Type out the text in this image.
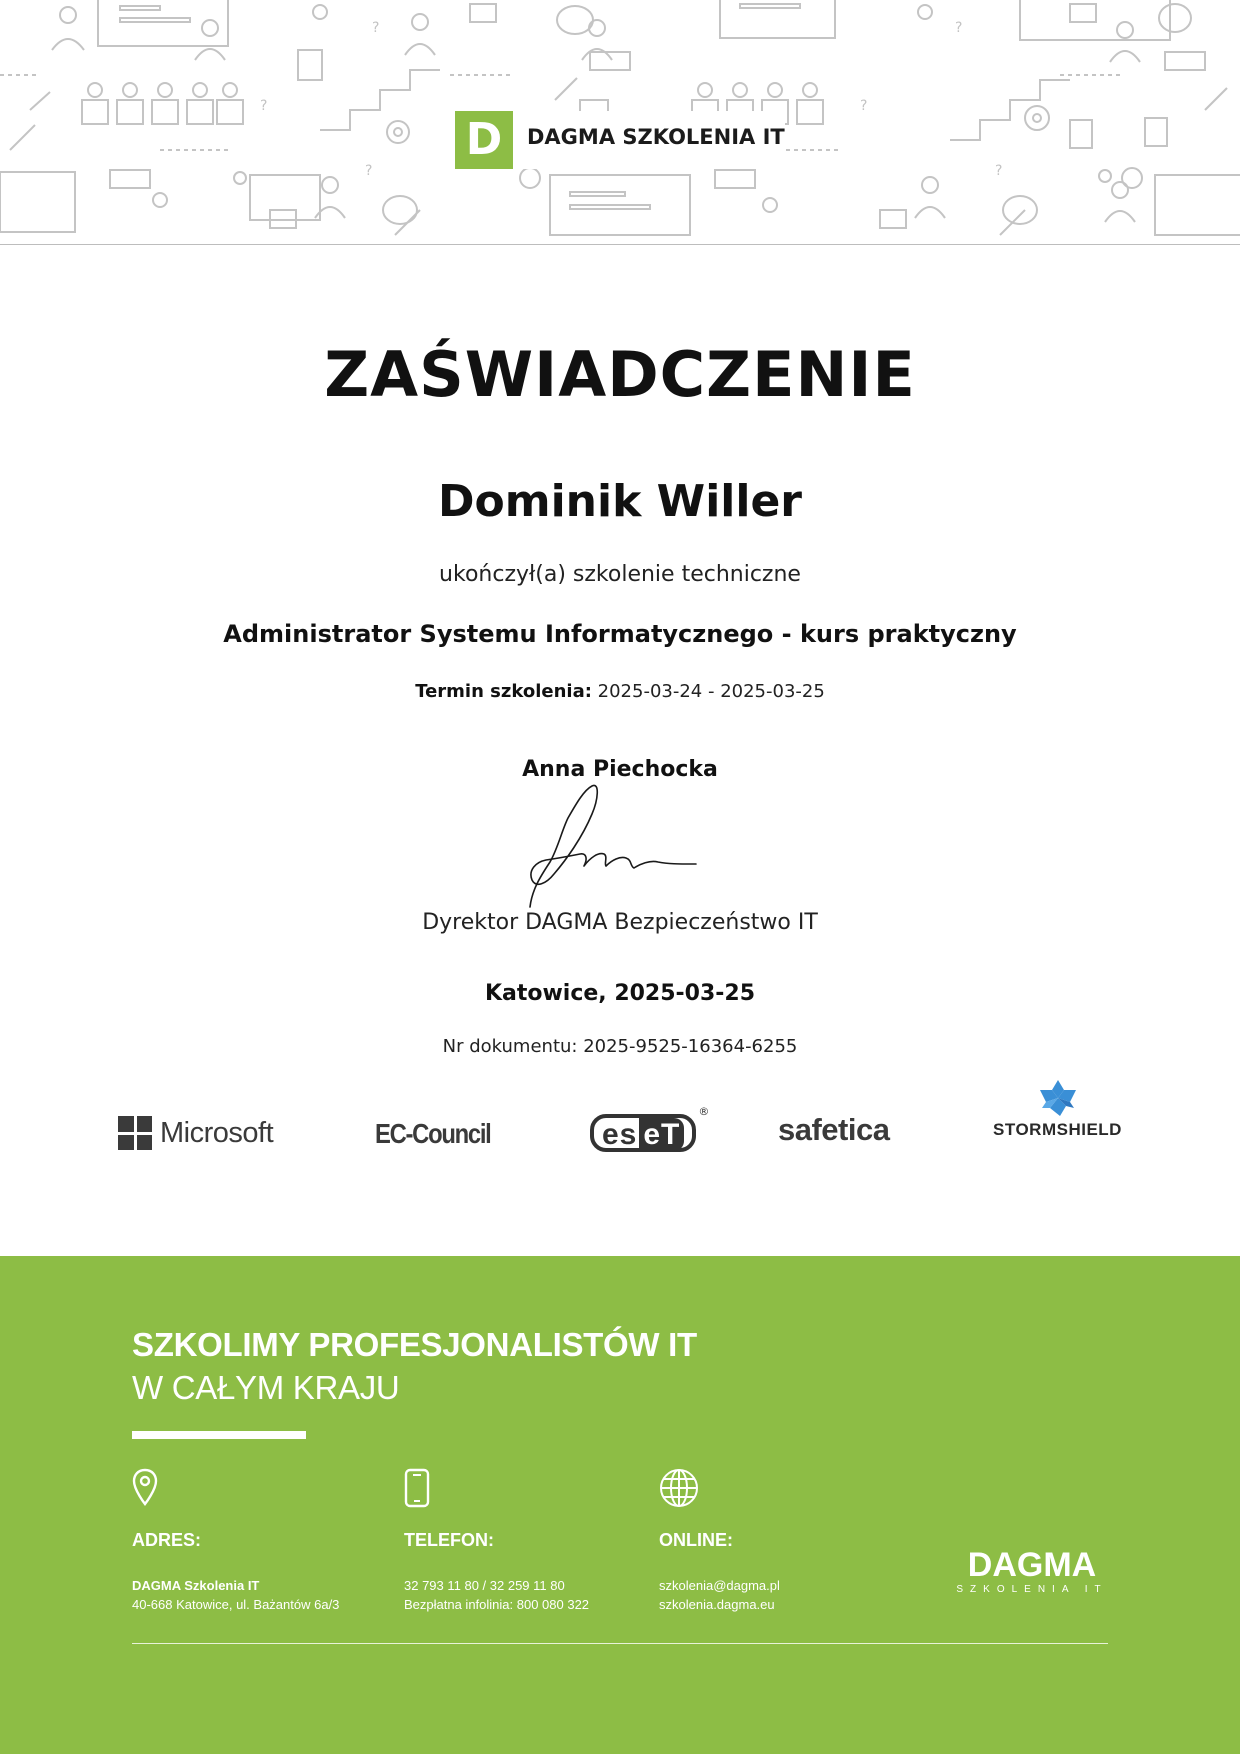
?	?
?	?
?	?
D	DAGMA SZKOLENIA IT
ZAŚWIADCZENIE
Dominik Willer
ukończył(a) szkolenie techniczne
Administrator Systemu Informatycznego - kurs praktyczny
Termin szkolenia: 2025-03-24 - 2025-03-25
Anna Piechocka
Dyrektor DAGMA Bezpieczeństwo IT
Katowice, 2025-03-25
Nr dokumentu: 2025-9525-16364-6255
Microsoft	EC-Council	es eT
®
safetica	STORMSHIELD
SZKOLIMY PROFESJONALISTÓW IT
W CAŁYM KRAJU
ADRES:
DAGMA Szkolenia IT
40-668 Katowice, ul. Bażantów 6a/3
TELEFON:
32 793 11 80 / 32 259 11 80
Bezpłatna infolinia: 800 080 322
ONLINE:
szkolenia@dagma.pl
szkolenia.dagma.eu
DAGMA
SZKOLENIA IT
